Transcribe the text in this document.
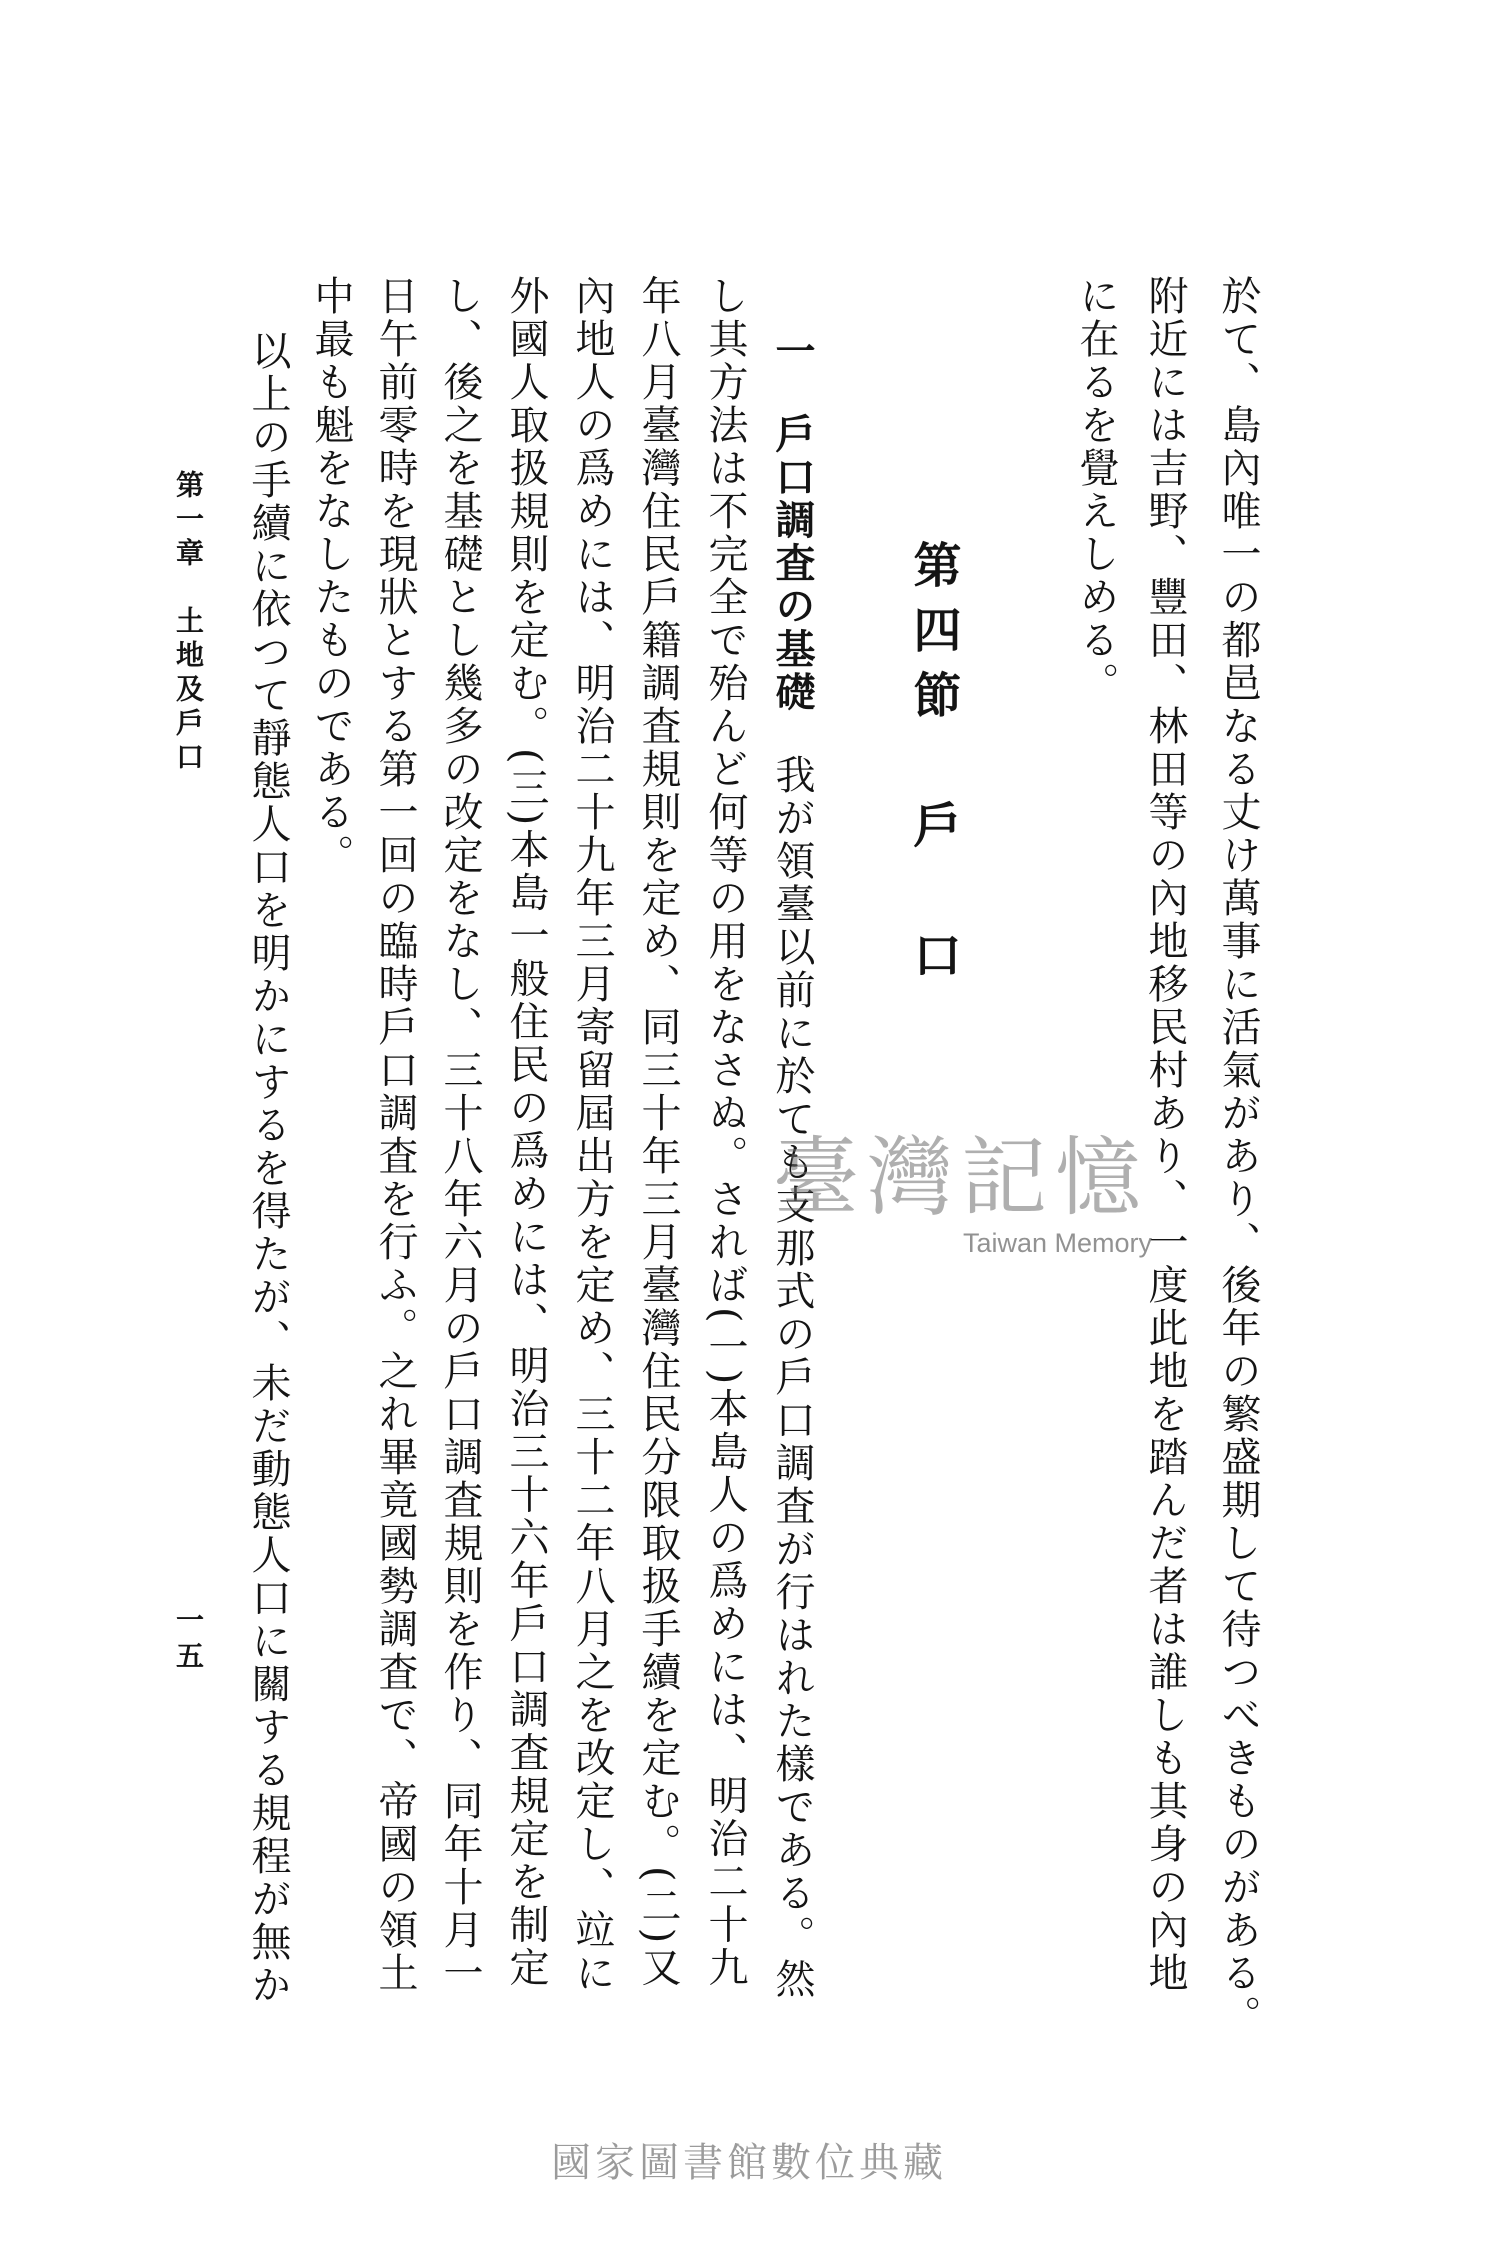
於て、島內唯一の都邑なる丈け萬事に活氣があり、後年の繁盛期して待つべきものがある。
附近には吉野、豐田、林田等の內地移民村あり、一度此地を踏んだ者は誰しも其身の內地
に在るを覺えしめる。
第四節　戶　口
一戶口調査の基礎我が領臺以前に於ても支那式の戶口調査が行はれた樣である。然
し其方法は不完全で殆んど何等の用をなさぬ。されば(一)本島人の爲めには、明治二十九
年八月臺灣住民戶籍調査規則を定め、同三十年三月臺灣住民分限取扱手續を定む。(二)又
內地人の爲めには、明治二十九年三月寄留屆出方を定め、三十二年八月之を改定し、竝に
外國人取扱規則を定む。(三)本島一般住民の爲めには、明治三十六年戶口調査規定を制定
し、後之を基礎とし幾多の改定をなし、三十八年六月の戶口調査規則を作り、同年十月一
日午前零時を現狀とする第一回の臨時戶口調査を行ふ。之れ畢竟國勢調査で、帝國の領土
中最も魁をなしたものである。
以上の手續に依つて靜態人口を明かにするを得たが、未だ動態人口に關する規程が無か
第一章　土地及戶口
一五
臺灣記憶
Taiwan Memory
國家圖書館數位典藏
